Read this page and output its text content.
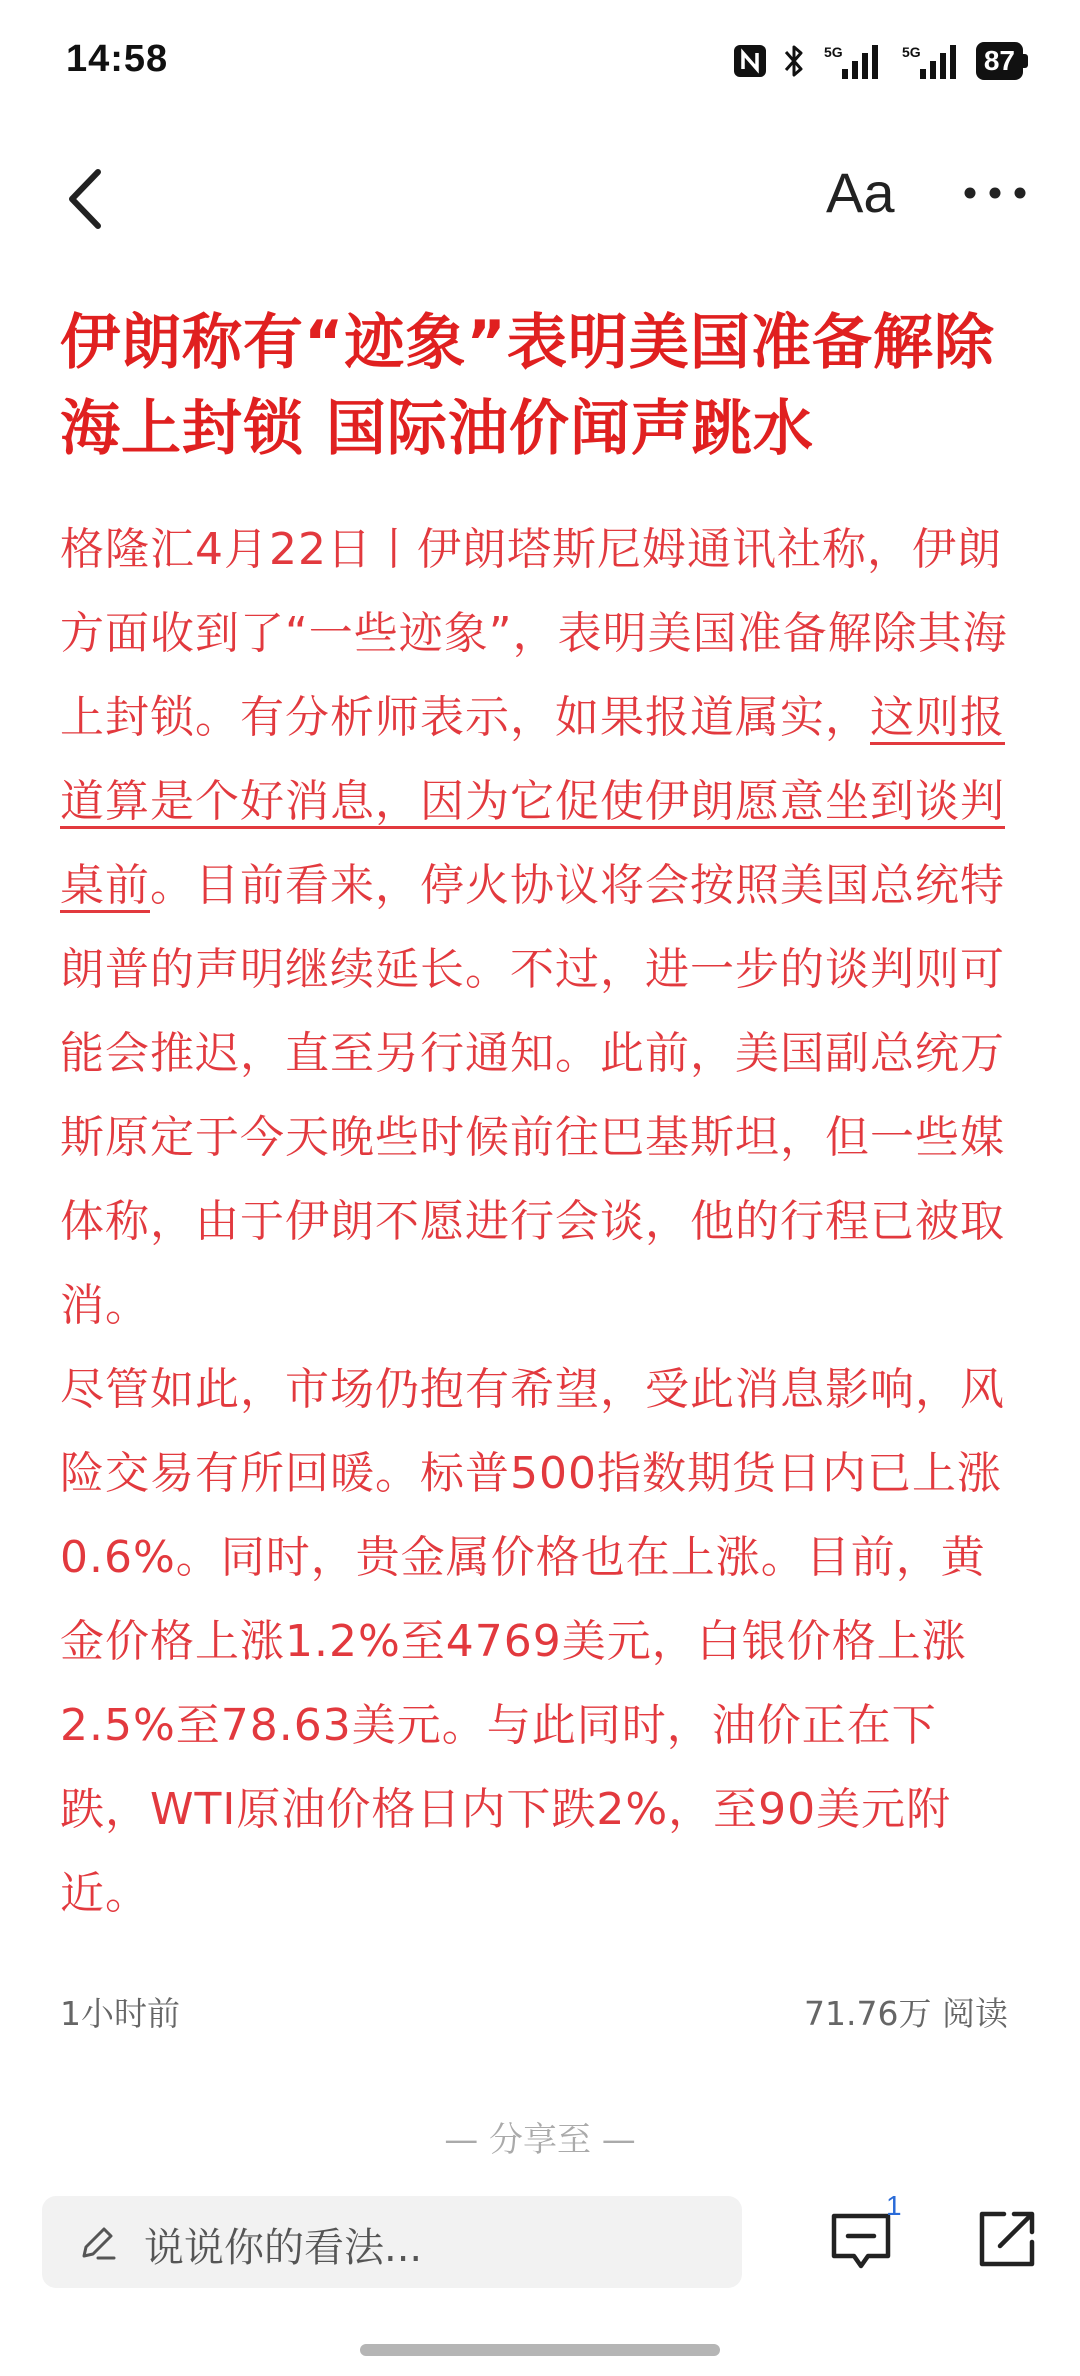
14:58	5G	5G 87
Aa
伊朗称有“迹象”表明美国准备解除海上封锁 国际油价闻声跳水

格隆汇4月22日丨伊朗塔斯尼姆通讯社称，伊朗方面收到了“一些迹象”，表明美国准备解除其海上封锁。有分析师表示，如果报道属实，这则报道算是个好消息，因为它促使伊朗愿意坐到谈判桌前。目前看来，停火协议将会按照美国总统特朗普的声明继续延长。不过，进一步的谈判则可能会推迟，直至另行通知。此前，美国副总统万斯原定于今天晚些时候前往巴基斯坦，但一些媒体称，由于伊朗不愿进行会谈，他的行程已被取消。

尽管如此，市场仍抱有希望，受此消息影响，风险交易有所回暖。标普500指数期货日内已上涨0.6%。同时，贵金属价格也在上涨。目前，黄金价格上涨1.2%至4769美元，白银价格上涨2.5%至78.63美元。与此同时，油价正在下跌，WTI原油价格日内下跌2%，至90美元附近。

1小时前	71.76万 阅读
— 分享至 —
说说你的看法...
1
